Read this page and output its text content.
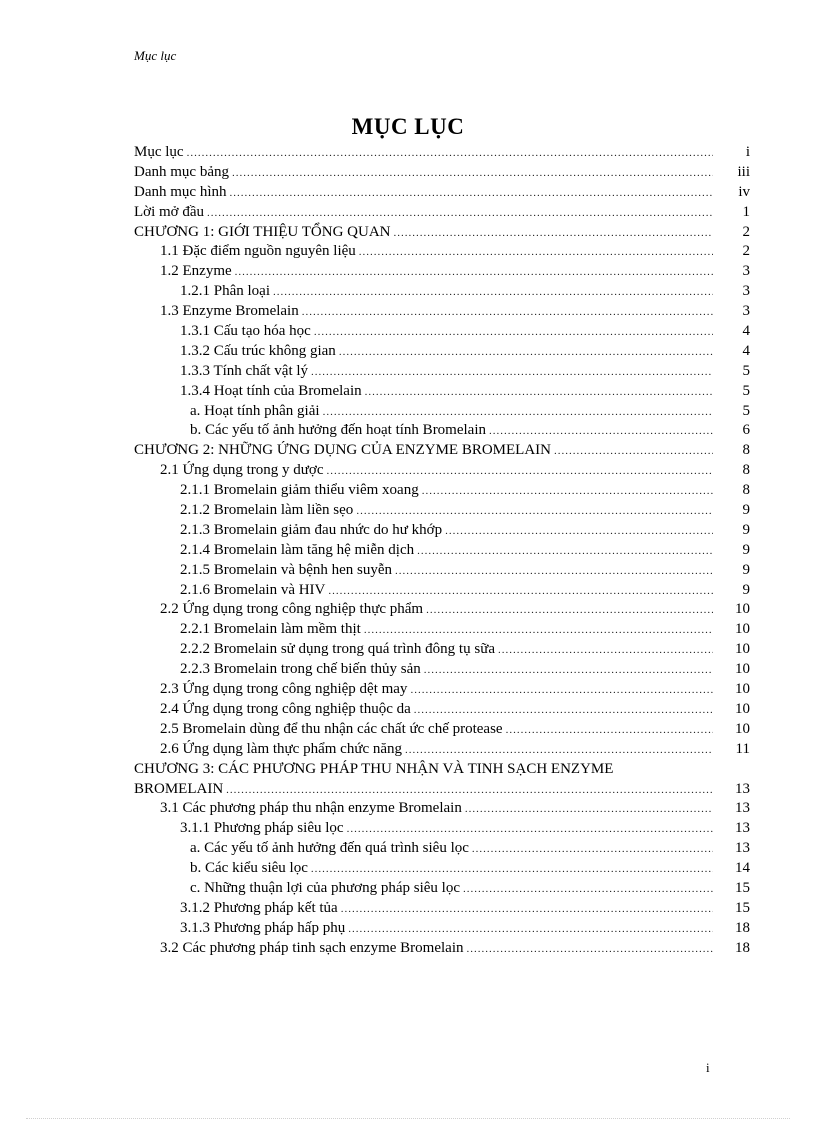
Mục lục
MỤC LỤC
Mục lục .....	i
Danh mục bảng .....	iii
Danh mục hình .....	iv
Lời mở đầu .....	1
CHƯƠNG 1: GIỚI THIỆU TỔNG QUAN .....	2
1.1 Đặc điểm nguồn nguyên liệu .....	2
1.2 Enzyme .....	3
1.2.1 Phân loại .....	3
1.3 Enzyme Bromelain .....	3
1.3.1 Cấu tạo hóa học .....	4
1.3.2 Cấu trúc không gian .....	4
1.3.3 Tính chất vật lý .....	5
1.3.4 Hoạt tính của Bromelain .....	5
a. Hoạt tính phân giải .....	5
b. Các yếu tố ảnh hưởng đến hoạt tính Bromelain .....	6
CHƯƠNG 2: NHỮNG ỨNG DỤNG CỦA ENZYME BROMELAIN .....	8
2.1 Ứng dụng trong y dược .....	8
2.1.1 Bromelain giảm thiểu viêm xoang .....	8
2.1.2 Bromelain làm liền sẹo .....	9
2.1.3 Bromelain giảm đau nhức do hư khớp .....	9
2.1.4 Bromelain làm tăng hệ miễn dịch .....	9
2.1.5 Bromelain và bệnh hen suyễn .....	9
2.1.6 Bromelain và HIV .....	9
2.2 Ứng dụng trong công nghiệp thực phẩm .....	10
2.2.1 Bromelain làm mềm thịt .....	10
2.2.2 Bromelain sử dụng trong quá trình đông tụ sữa .....	10
2.2.3 Bromelain trong chế biến thủy sản .....	10
2.3 Ứng dụng trong công nghiệp dệt may .....	10
2.4 Ứng dụng trong công nghiệp thuộc da .....	10
2.5 Bromelain dùng để thu nhận các chất ức chế protease .....	10
2.6 Ứng dụng làm thực phẩm chức năng .....	11
CHƯƠNG 3: CÁC PHƯƠNG PHÁP THU NHẬN VÀ TINH SẠCH ENZYME
BROMELAIN .....	13
3.1 Các phương pháp thu nhận enzyme Bromelain .....	13
3.1.1 Phương pháp siêu lọc .....	13
a. Các yếu tố ảnh hưởng đến quá trình siêu lọc .....	13
b. Các kiểu siêu lọc .....	14
c. Những thuận lợi của phương pháp siêu lọc .....	15
3.1.2 Phương pháp kết tủa .....	15
3.1.3 Phương pháp hấp phụ .....	18
3.2 Các phương pháp tinh sạch enzyme Bromelain .....	18
i
